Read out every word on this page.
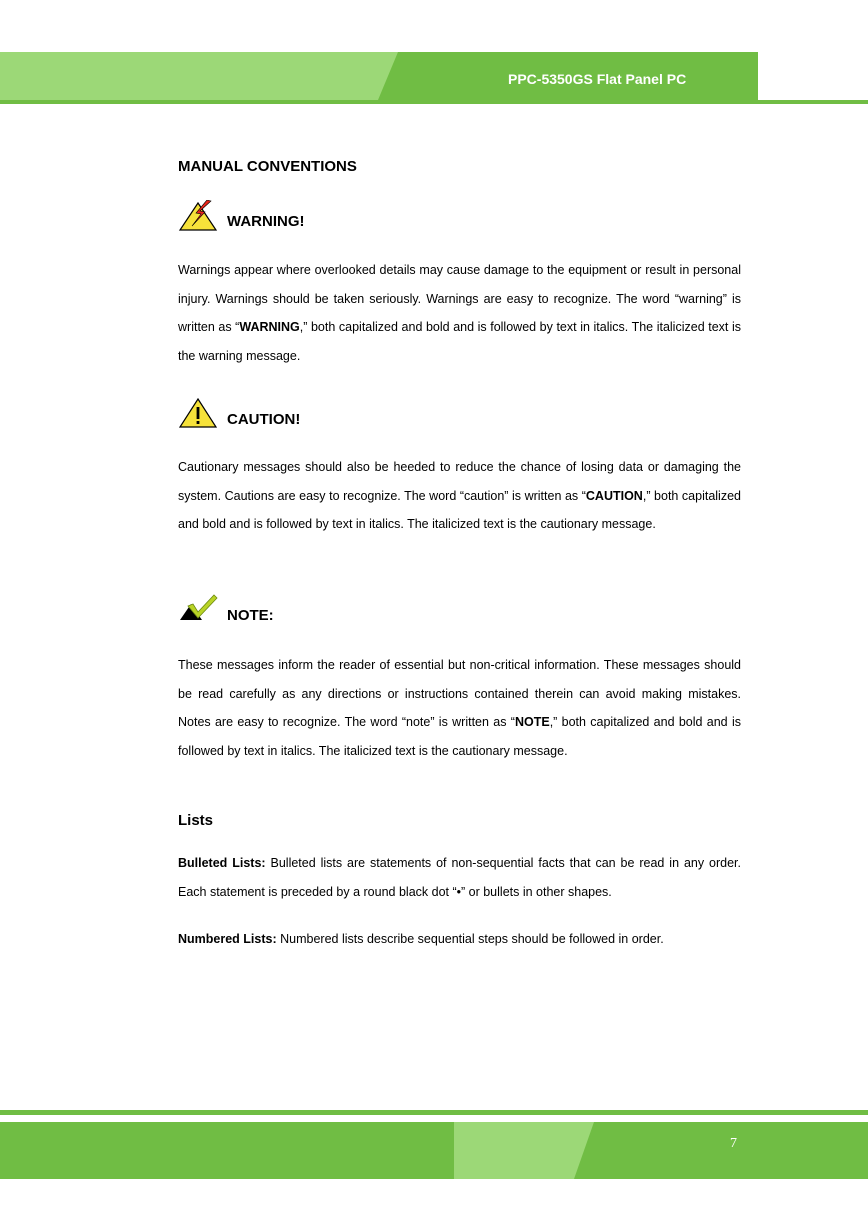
PPC-5350GS Flat Panel PC
MANUAL CONVENTIONS
WARNING!
Warnings appear where overlooked details may cause damage to the equipment or result in personal injury. Warnings should be taken seriously. Warnings are easy to recognize. The word “warning” is written as “WARNING,” both capitalized and bold and is followed by text in italics. The italicized text is the warning message.
CAUTION!
Cautionary messages should also be heeded to reduce the chance of losing data or damaging the system. Cautions are easy to recognize. The word “caution” is written as “CAUTION,” both capitalized and bold and is followed by text in italics. The italicized text is the cautionary message.
NOTE:
These messages inform the reader of essential but non-critical information. These messages should be read carefully as any directions or instructions contained therein can avoid making mistakes. Notes are easy to recognize. The word “note” is written as “NOTE,” both capitalized and bold and is followed by text in italics. The italicized text is the cautionary message.
Lists
Bulleted Lists: Bulleted lists are statements of non-sequential facts that can be read in any order. Each statement is preceded by a round black dot “•” or bullets in other shapes.
Numbered Lists: Numbered lists describe sequential steps should be followed in order.
7
